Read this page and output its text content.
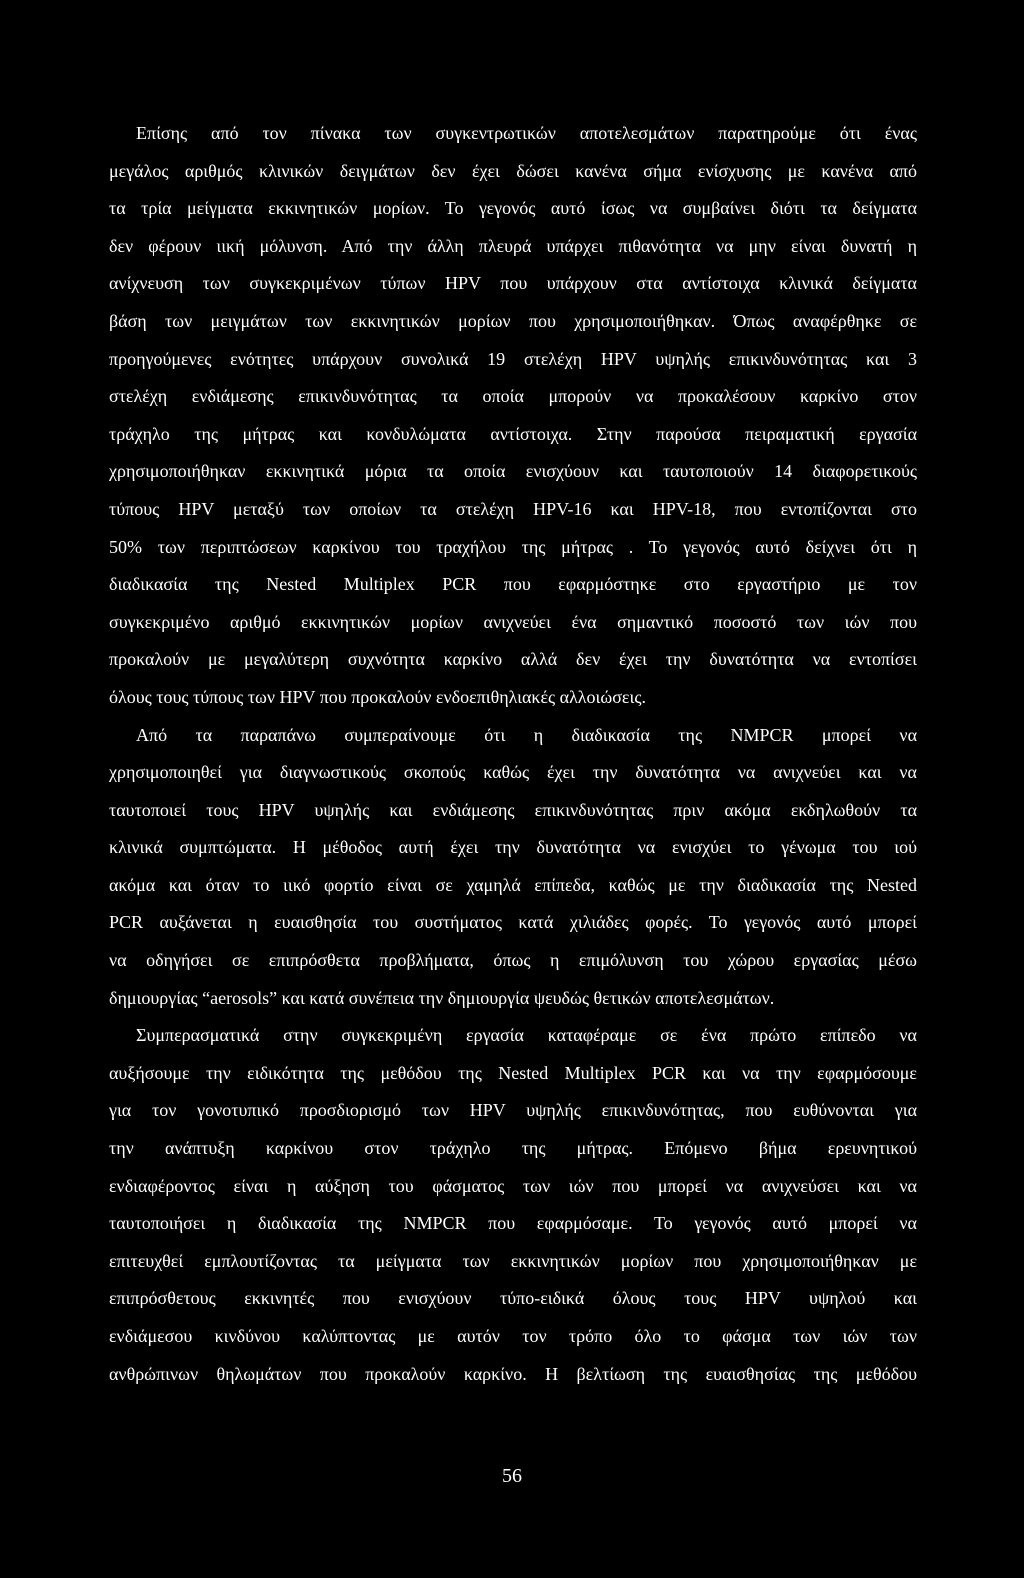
Επίσης από τον πίνακα των συγκεντρωτικών αποτελεσμάτων παρατηρούμε ότι ένας
μεγάλος αριθμός κλινικών δειγμάτων δεν έχει δώσει κανένα σήμα ενίσχυσης με κανένα από
τα τρία μείγματα εκκινητικών μορίων. Το γεγονός αυτό ίσως να συμβαίνει διότι τα δείγματα
δεν φέρουν ιική μόλυνση. Από την άλλη πλευρά υπάρχει πιθανότητα να μην είναι δυνατή η
ανίχνευση των συγκεκριμένων τύπων HPV που υπάρχουν στα αντίστοιχα κλινικά δείγματα
βάση των μειγμάτων των εκκινητικών μορίων που χρησιμοποιήθηκαν. Όπως αναφέρθηκε σε
προηγούμενες ενότητες υπάρχουν συνολικά 19 στελέχη HPV υψηλής επικινδυνότητας και 3
στελέχη ενδιάμεσης επικινδυνότητας τα οποία μπορούν να προκαλέσουν καρκίνο στον
τράχηλο της μήτρας και κονδυλώματα αντίστοιχα. Στην παρούσα πειραματική εργασία
χρησιμοποιήθηκαν εκκινητικά μόρια τα οποία ενισχύουν και ταυτοποιούν 14 διαφορετικούς
τύπους HPV μεταξύ των οποίων τα στελέχη HPV-16 και HPV-18, που εντοπίζονται στο
50% των περιπτώσεων καρκίνου του τραχήλου της μήτρας . Το γεγονός αυτό δείχνει ότι η
διαδικασία της Nested Multiplex PCR που εφαρμόστηκε στο εργαστήριο με τον
συγκεκριμένο αριθμό εκκινητικών μορίων ανιχνεύει ένα σημαντικό ποσοστό των ιών που
προκαλούν με μεγαλύτερη συχνότητα καρκίνο αλλά δεν έχει την δυνατότητα να εντοπίσει
όλους τους τύπους των HPV που προκαλούν ενδοεπιθηλιακές αλλοιώσεις.
Από τα παραπάνω συμπεραίνουμε ότι η διαδικασία της NMPCR μπορεί να
χρησιμοποιηθεί για διαγνωστικούς σκοπούς καθώς έχει την δυνατότητα να ανιχνεύει και να
ταυτοποιεί τους HPV υψηλής και ενδιάμεσης επικινδυνότητας πριν ακόμα εκδηλωθούν τα
κλινικά συμπτώματα. Η μέθοδος αυτή έχει την δυνατότητα να ενισχύει το γένωμα του ιού
ακόμα και όταν το ιικό φορτίο είναι σε χαμηλά επίπεδα, καθώς με την διαδικασία της Nested
PCR αυξάνεται η ευαισθησία του συστήματος κατά χιλιάδες φορές. Το γεγονός αυτό μπορεί
να οδηγήσει σε επιπρόσθετα προβλήματα, όπως η επιμόλυνση του χώρου εργασίας μέσω
δημιουργίας “aerosols” και κατά συνέπεια την δημιουργία ψευδώς θετικών αποτελεσμάτων.
Συμπερασματικά στην συγκεκριμένη εργασία καταφέραμε σε ένα πρώτο επίπεδο να
αυξήσουμε την ειδικότητα της μεθόδου της Nested Multiplex PCR και να την εφαρμόσουμε
για τον γονοτυπικό προσδιορισμό των HPV υψηλής επικινδυνότητας, που ευθύνονται για
την ανάπτυξη καρκίνου στον τράχηλο της μήτρας. Επόμενο βήμα ερευνητικού
ενδιαφέροντος είναι η αύξηση του φάσματος των ιών που μπορεί να ανιχνεύσει και να
ταυτοποιήσει η διαδικασία της NMPCR που εφαρμόσαμε. Το γεγονός αυτό μπορεί να
επιτευχθεί εμπλουτίζοντας τα μείγματα των εκκινητικών μορίων που χρησιμοποιήθηκαν με
επιπρόσθετους εκκινητές που ενισχύουν τύπο-ειδικά όλους τους HPV υψηλού και
ενδιάμεσου κινδύνου καλύπτοντας με αυτόν τον τρόπο όλο το φάσμα των ιών των
ανθρώπινων θηλωμάτων που προκαλούν καρκίνο. Η βελτίωση της ευαισθησίας της μεθόδου
56
